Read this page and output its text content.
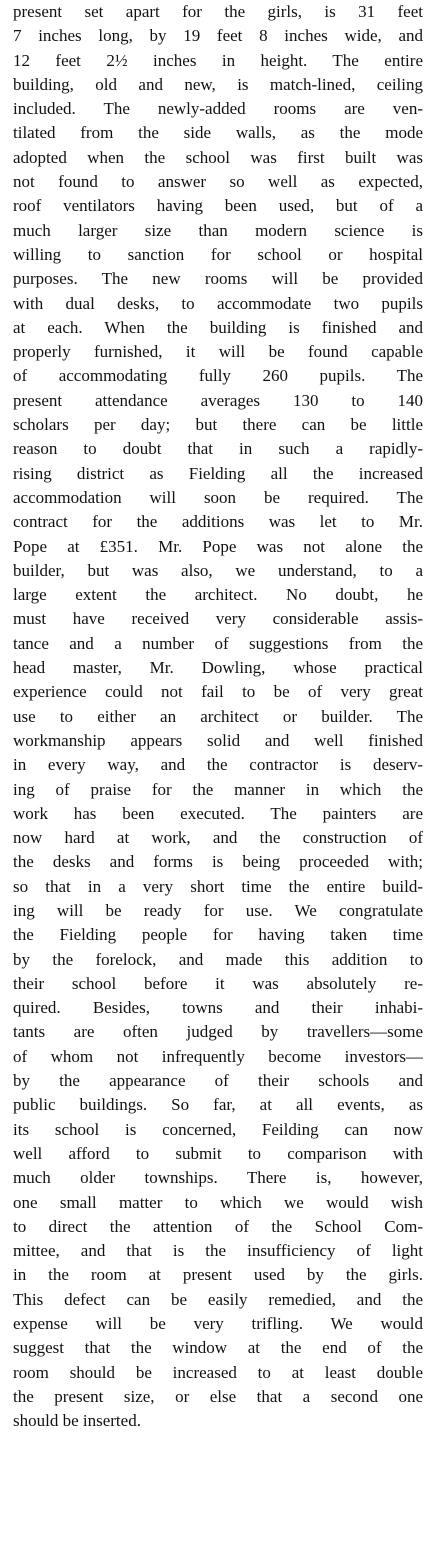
present set apart for the girls, is 31 feet
7 inches long, by 19 feet 8 inches wide, and
12 feet 2½ inches in height. The entire
building, old and new, is match-lined, ceiling
included. The newly-added rooms are ven-
tilated from the side walls, as the mode
adopted when the school was first built was
not found to answer so well as expected,
roof ventilators having been used, but of a
much larger size than modern science is
willing to sanction for school or hospital
purposes. The new rooms will be provided
with dual desks, to accommodate two pupils
at each. When the building is finished and
properly furnished, it will be found capable
of accommodating fully 260 pupils. The
present attendance averages 130 to 140
scholars per day; but there can be little
reason to doubt that in such a rapidly-
rising district as Fielding all the increased
accommodation will soon be required. The
contract for the additions was let to Mr.
Pope at £351. Mr. Pope was not alone the
builder, but was also, we understand, to a
large extent the architect. No doubt, he
must have received very considerable assis-
tance and a number of suggestions from the
head master, Mr. Dowling, whose practical
experience could not fail to be of very great
use to either an architect or builder. The
workmanship appears solid and well finished
in every way, and the contractor is deserv-
ing of praise for the manner in which the
work has been executed. The painters are
now hard at work, and the construction of
the desks and forms is being proceeded with;
so that in a very short time the entire build-
ing will be ready for use. We congratulate
the Fielding people for having taken time
by the forelock, and made this addition to
their school before it was absolutely re-
quired. Besides, towns and their inhabi-
tants are often judged by travellers—some
of whom not infrequently become investors—
by the appearance of their schools and
public buildings. So far, at all events, as
its school is concerned, Feilding can now
well afford to submit to comparison with
much older townships. There is, however,
one small matter to which we would wish
to direct the attention of the School Com-
mittee, and that is the insufficiency of light
in the room at present used by the girls.
This defect can be easily remedied, and the
expense will be very trifling. We would
suggest that the window at the end of the
room should be increased to at least double
the present size, or else that a second one
should be inserted.
